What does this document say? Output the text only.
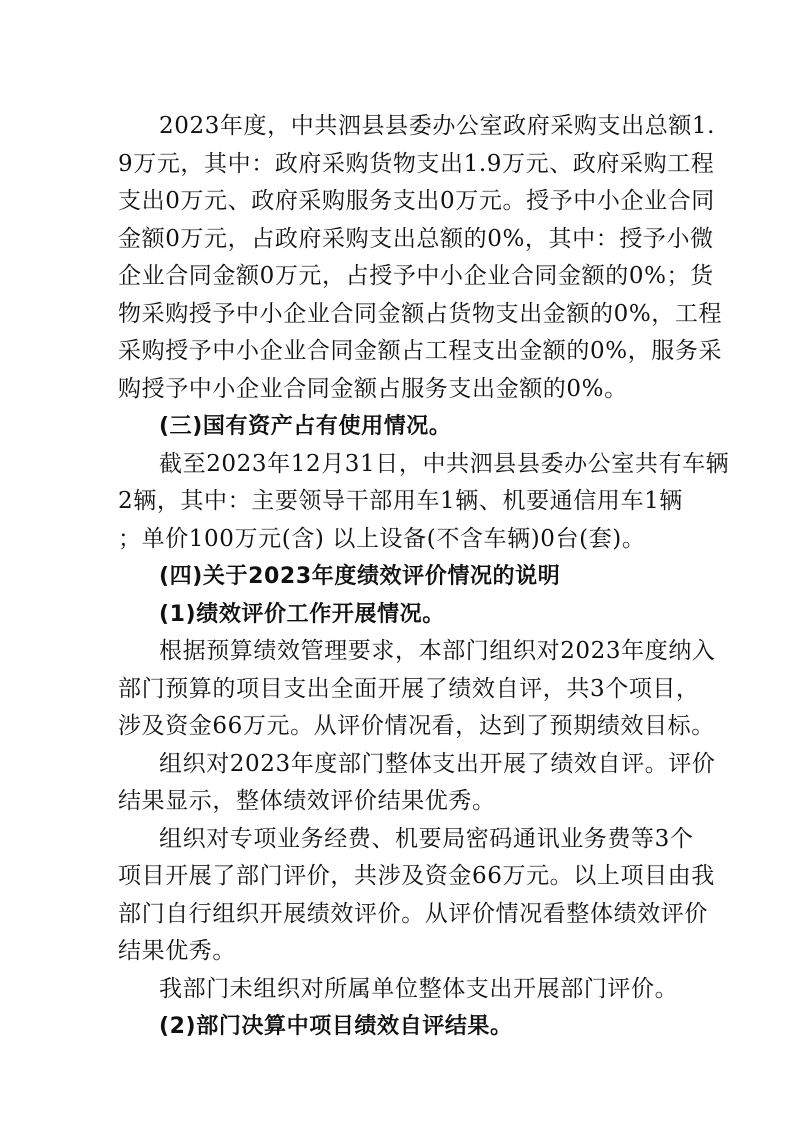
2023年度，中共泗县县委办公室政府采购支出总额1.
9万元，其中：政府采购货物支出1.9万元、政府采购工程
支出0万元、政府采购服务支出0万元。授予中小企业合同
金额0万元，占政府采购支出总额的0%，其中：授予小微
企业合同金额0万元，占授予中小企业合同金额的0%；货
物采购授予中小企业合同金额占货物支出金额的0%，工程
采购授予中小企业合同金额占工程支出金额的0%，服务采
购授予中小企业合同金额占服务支出金额的0%。
(三)国有资产占有使用情况。
截至2023年12月31日，中共泗县县委办公室共有车辆
2辆，其中：主要领导干部用车1辆、机要通信用车1辆
；单价100万元(含) 以上设备(不含车辆)0台(套)。
(四)关于2023年度绩效评价情况的说明
(1)绩效评价工作开展情况。
根据预算绩效管理要求，本部门组织对2023年度纳入
部门预算的项目支出全面开展了绩效自评，共3个项目，
涉及资金66万元。从评价情况看，达到了预期绩效目标。
组织对2023年度部门整体支出开展了绩效自评。评价
结果显示，整体绩效评价结果优秀。
组织对专项业务经费、机要局密码通讯业务费等3个
项目开展了部门评价，共涉及资金66万元。以上项目由我
部门自行组织开展绩效评价。从评价情况看整体绩效评价
结果优秀。
我部门未组织对所属单位整体支出开展部门评价。
(2)部门决算中项目绩效自评结果。
